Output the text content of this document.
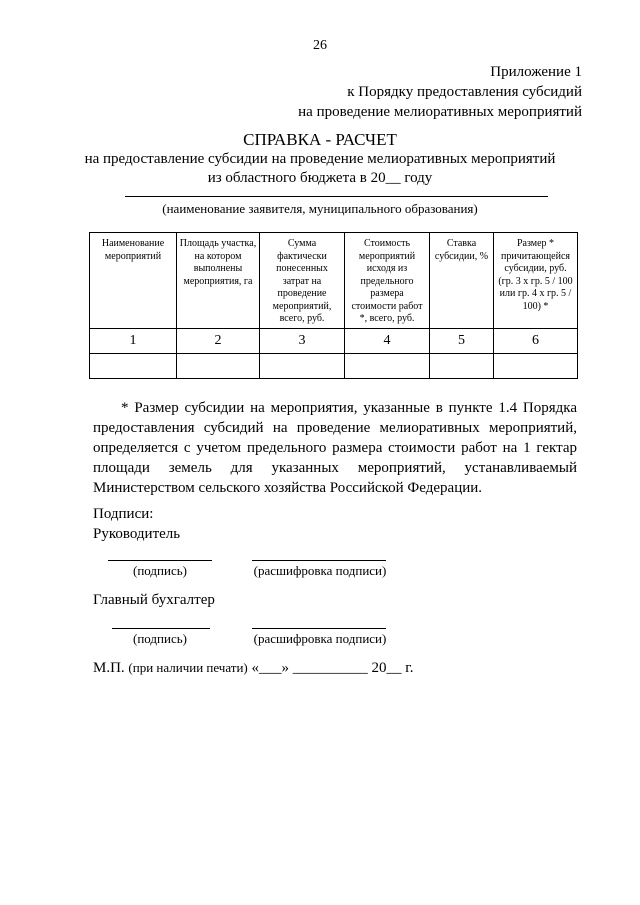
26
Приложение 1
к Порядку предоставления субсидий
на проведение мелиоративных мероприятий
СПРАВКА - РАСЧЕТ
на предоставление субсидии на проведение мелиоративных мероприятий
из областного бюджета в 20__ году
(наименование заявителя, муниципального образования)
Наименование мероприятий	Площадь участка, на котором выполнены мероприятия, га	Сумма фактически понесенных затрат на проведение мероприятий, всего, руб.	Стоимость мероприятий исходя из предельного размера стоимости работ *, всего, руб.	Ставка субсидии, %	Размер * причитающейся субсидии, руб. (гр. 3 х гр. 5 / 100 или гр. 4 х гр. 5 / 100) *
1	2	3	4	5	6

* Размер субсидии на мероприятия, указанные в пункте 1.4 Порядка предоставления субсидий на проведение мелиоративных мероприятий, определяется с учетом предельного размера стоимости работ на 1 гектар площади земель для указанных мероприятий, устанавливаемый Министерством сельского хозяйства Российской Федерации.
Подписи:
Руководитель
(подпись)	(расшифровка подписи)
Главный бухгалтер
(подпись)	(расшифровка подписи)
М.П. (при наличии печати) «___» __________ 20__ г.
